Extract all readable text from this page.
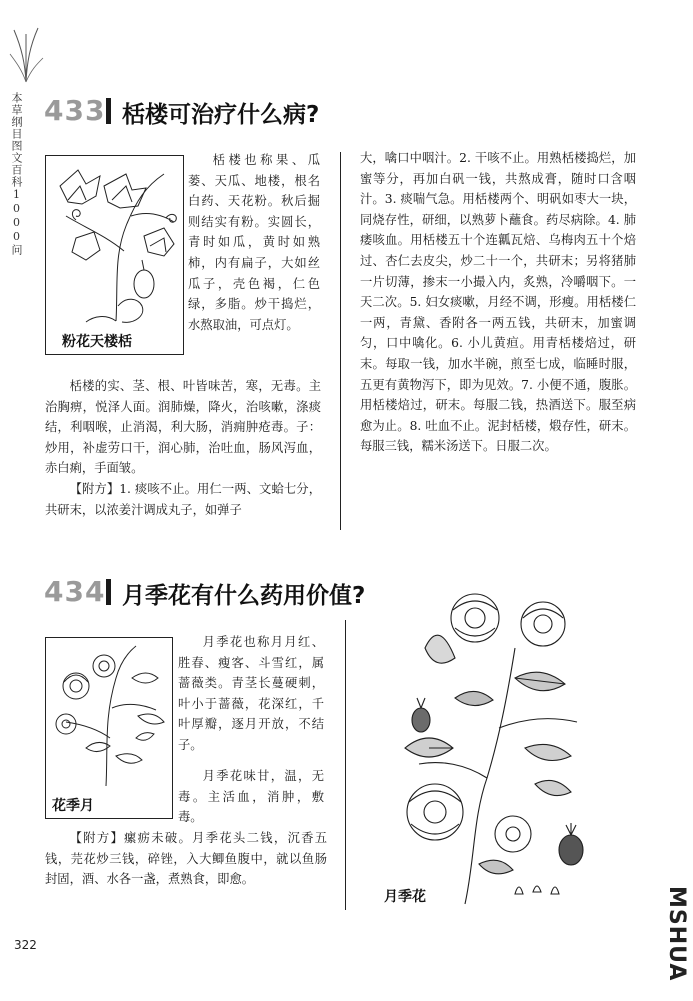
本草纲目图文百科1000问 433 栝楼可治疗什么病?
粉花天楼栝
栝楼也称果、瓜蒌、天瓜、地楼，根名白药、天花粉。秋后掘则结实有粉。实圆长，青时如瓜，黄时如熟柿，内有扁子，大如丝瓜子，壳色褐，仁色绿，多脂。炒干捣烂，水熬取油，可点灯。

栝楼的实、茎、根、叶皆味苦，寒，无毒。主治胸痹，悦泽人面。润肺燥，降火，治咳嗽，涤痰结，利咽喉，止消渴，利大肠，消痈肿疮毒。子：炒用，补虚劳口干，润心肺，治吐血，肠风泻血，赤白痢，手面皱。

【附方】1. 痰咳不止。用仁一两、文蛤七分，共研末，以浓姜汁调成丸子，如弹子

大，噙口中咽汁。2. 干咳不止。用熟栝楼捣烂，加蜜等分，再加白矾一钱，共熬成膏，随时口含咽汁。3. 痰喘气急。用栝楼两个、明矾如枣大一块，同烧存性，研细，以熟萝卜蘸食。药尽病除。4. 肺痿咳血。用栝楼五十个连瓤瓦焙、乌梅肉五十个焙过、杏仁去皮尖，炒二十一个，共研末；另将猪肺一片切薄，掺末一小撮入内，炙熟，冷嚼咽下。一天二次。5. 妇女痰嗽，月经不调，形瘦。用栝楼仁一两，青黛、香附各一两五钱，共研末，加蜜调匀，口中噙化。6. 小儿黄疸。用青栝楼焙过，研末。每取一钱，加水半碗，煎至七成，临睡时服，五更有黄物泻下，即为见效。7. 小便不通，腹胀。用栝楼焙过，研末。每服二钱，热酒送下。服至病愈为止。8. 吐血不止。泥封栝楼，煅存性，研末。每服三钱，糯米汤送下。日服二次。
434 月季花有什么药用价值?
花季月
月季花也称月月红、胜春、瘦客、斗雪红，属蔷薇类。青茎长蔓硬刺，叶小于蔷薇，花深红，千叶厚瓣，逐月开放，不结子。
月季花味甘，温，无毒。主活血，消肿，敷毒。
【附方】瘰疬未破。月季花头二钱，沉香五钱，芫花炒三钱，碎锉，入大鲫鱼腹中，就以鱼肠封固，酒、水各一盏，煮熟食，即愈。
月季花
322	MSHUA
